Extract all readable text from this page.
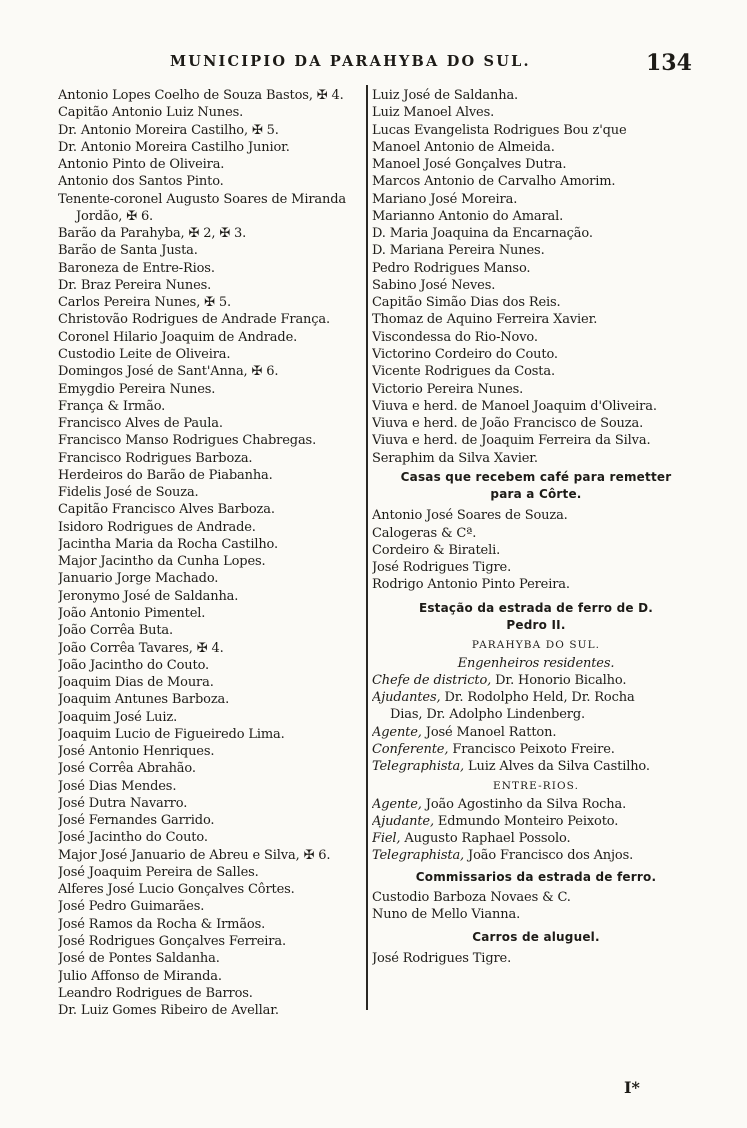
MUNICIPIO DA PARAHYBA DO SUL.	134
Antonio Lopes Coelho de Souza Bastos, ✠ 4.
Capitão Antonio Luiz Nunes.
Dr. Antonio Moreira Castilho, ✠ 5.
Dr. Antonio Moreira Castilho Junior.
Antonio Pinto de Oliveira.
Antonio dos Santos Pinto.
Tenente-coronel Augusto Soares de Miranda
Jordão, ✠ 6.
Barão da Parahyba, ✠ 2, ✠ 3.
Barão de Santa Justa.
Baroneza de Entre-Rios.
Dr. Braz Pereira Nunes.
Carlos Pereira Nunes, ✠ 5.
Christovão Rodrigues de Andrade França.
Coronel Hilario Joaquim de Andrade.
Custodio Leite de Oliveira.
Domingos José de Sant'Anna, ✠ 6.
Emygdio Pereira Nunes.
França & Irmão.
Francisco Alves de Paula.
Francisco Manso Rodrigues Chabregas.
Francisco Rodrigues Barboza.
Herdeiros do Barão de Piabanha.
Fidelis José de Souza.
Capitão Francisco Alves Barboza.
Isidoro Rodrigues de Andrade.
Jacintha Maria da Rocha Castilho.
Major Jacintho da Cunha Lopes.
Januario Jorge Machado.
Jeronymo José de Saldanha.
João Antonio Pimentel.
João Corrêa Buta.
João Corrêa Tavares, ✠ 4.
João Jacintho do Couto.
Joaquim Dias de Moura.
Joaquim Antunes Barboza.
Joaquim José Luiz.
Joaquim Lucio de Figueiredo Lima.
José Antonio Henriques.
José Corrêa Abrahão.
José Dias Mendes.
José Dutra Navarro.
José Fernandes Garrido.
José Jacintho do Couto.
Major José Januario de Abreu e Silva, ✠ 6.
José Joaquim Pereira de Salles.
Alferes José Lucio Gonçalves Côrtes.
José Pedro Guimarães.
José Ramos da Rocha & Irmãos.
José Rodrigues Gonçalves Ferreira.
José de Pontes Saldanha.
Julio Affonso de Miranda.
Leandro Rodrigues de Barros.
Dr. Luiz Gomes Ribeiro de Avellar.
Luiz José de Saldanha.
Luiz Manoel Alves.
Lucas Evangelista Rodrigues Bou z'que
Manoel Antonio de Almeida.
Manoel José Gonçalves Dutra.
Marcos Antonio de Carvalho Amorim.
Mariano José Moreira.
Marianno Antonio do Amaral.
D. Maria Joaquina da Encarnação.
D. Mariana Pereira Nunes.
Pedro Rodrigues Manso.
Sabino José Neves.
Capitão Simão Dias dos Reis.
Thomaz de Aquino Ferreira Xavier.
Viscondessa do Rio-Novo.
Victorino Cordeiro do Couto.
Vicente Rodrigues da Costa.
Victorio Pereira Nunes.
Viuva e herd. de Manoel Joaquim d'Oliveira.
Viuva e herd. de João Francisco de Souza.
Viuva e herd. de Joaquim Ferreira da Silva.
Seraphim da Silva Xavier.
Casas que recebem café para remetter
para a Côrte.
Antonio José Soares de Souza.
Calogeras & Cª.
Cordeiro & Birateli.
José Rodrigues Tigre.
Rodrigo Antonio Pinto Pereira.
Estação da estrada de ferro de D.
Pedro II.
PARAHYBA DO SUL.
Engenheiros residentes.
Chefe de districto, Dr. Honorio Bicalho.
Ajudantes, Dr. Rodolpho Held, Dr. Rocha
Dias, Dr. Adolpho Lindenberg.
Agente, José Manoel Ratton.
Conferente, Francisco Peixoto Freire.
Telegraphista, Luiz Alves da Silva Castilho.
ENTRE-RIOS.
Agente, João Agostinho da Silva Rocha.
Ajudante, Edmundo Monteiro Peixoto.
Fiel, Augusto Raphael Possolo.
Telegraphista, João Francisco dos Anjos.
Commissarios da estrada de ferro.
Custodio Barboza Novaes & C.
Nuno de Mello Vianna.
Carros de aluguel.
José Rodrigues Tigre.
I*
